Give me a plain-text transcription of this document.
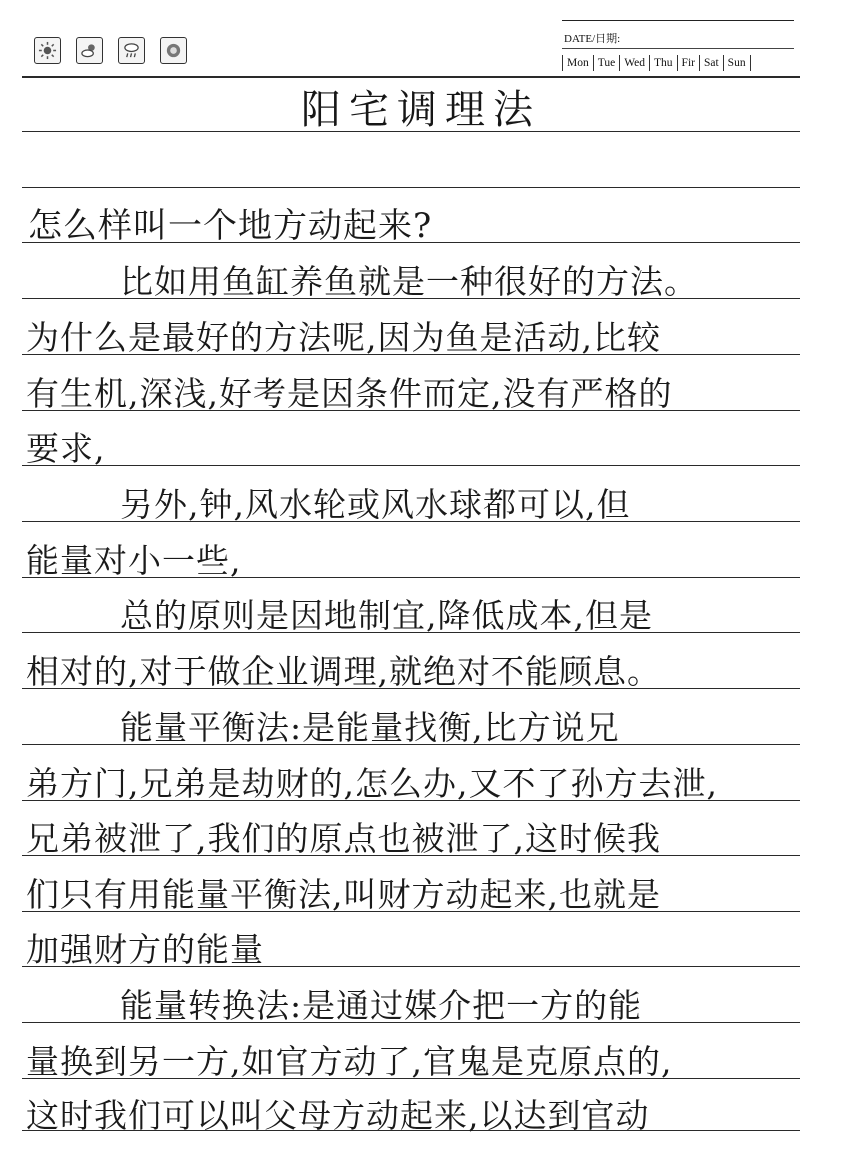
DATE/日期:
Mon Tue Wed Thu Fir Sat Sun
阳宅调理法
怎么样叫一个地方动起来?
比如用鱼缸养鱼就是一种很好的方法。
为什么是最好的方法呢,因为鱼是活动,比较
有生机,深浅,好考是因条件而定,没有严格的
要求,
另外,钟,风水轮或风水球都可以,但
能量对小一些,
总的原则是因地制宜,降低成本,但是
相对的,对于做企业调理,就绝对不能顾息。
能量平衡法:是能量找衡,比方说兄
弟方门,兄弟是劫财的,怎么办,又不了孙方去泄,
兄弟被泄了,我们的原点也被泄了,这时候我
们只有用能量平衡法,叫财方动起来,也就是
加强财方的能量
能量转换法:是通过媒介把一方的能
量换到另一方,如官方动了,官鬼是克原点的,
这时我们可以叫父母方动起来,以达到官动
